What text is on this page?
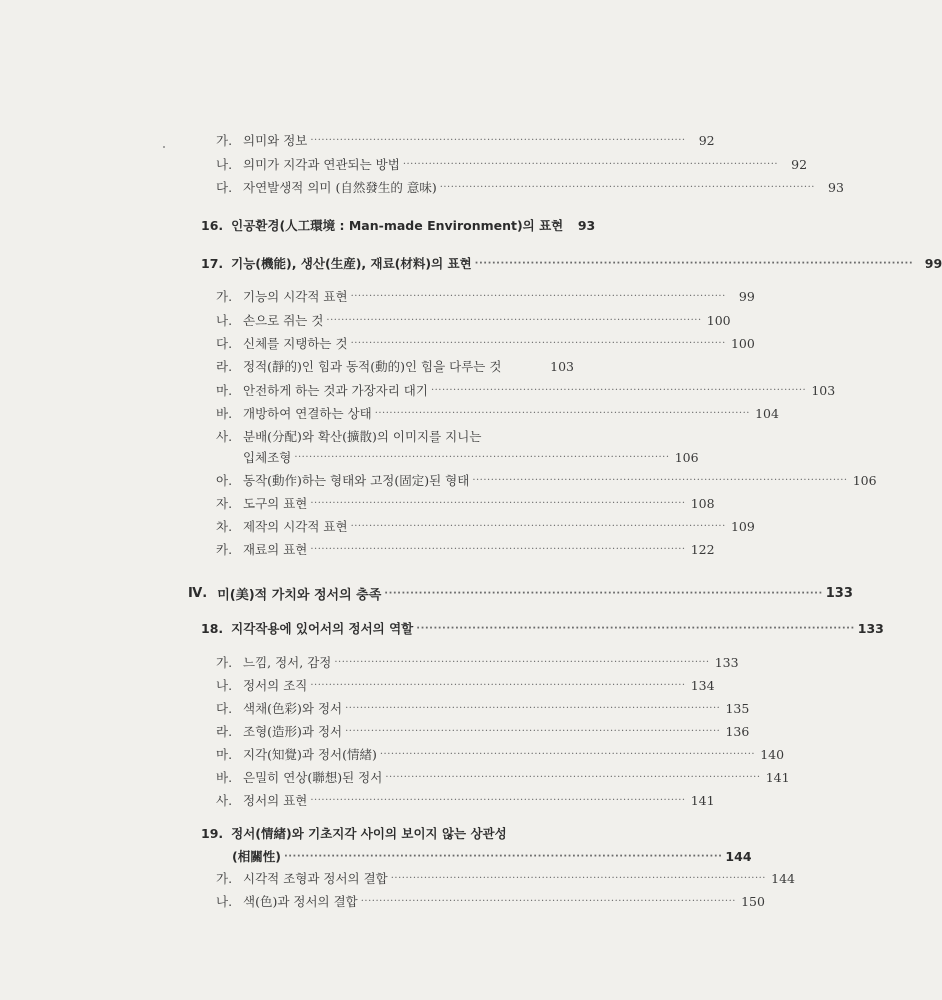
가. 의미와 정보 ······································································································	92
나. 의미가 지각과 연관되는 방법 ······································································································	92
다. 자연발생적 의미 (自然發生的 意味) ······································································································	93
16. 인공환경(人工環境 : Man-made Environment)의 표현	93
17. 기능(機能), 생산(生産), 재료(材料)의 표현 ······································································································ 99
가. 기능의 시각적 표현 ······································································································	99
나. 손으로 쥐는 것 ······································································································ 100
다. 신체를 지탱하는 것 ······································································································ 100
라. 정적(靜的)인 힘과 동적(動的)인 힘을 다루는 것	103
마. 안전하게 하는 것과 가장자리 대기 ······································································································ 103
바. 개방하여 연결하는 상태 ······································································································ 104
사. 분배(分配)와 확산(擴散)의 이미지를 지니는
입체조형 ······································································································ 106
아. 동작(動作)하는 형태와 고정(固定)된 형태 ······································································································ 106
자. 도구의 표현 ······································································································ 108
차. 제작의 시각적 표현 ······································································································ 109
카. 재료의 표현 ······································································································ 122
Ⅳ. 미(美)적 가치와 정서의 충족 ······································································································ 133
18. 지각작용에 있어서의 정서의 역할 ······································································································ 133
가. 느낌, 정서, 감정 ······································································································ 133
나. 정서의 조직 ······································································································ 134
다. 색채(色彩)와 정서 ······································································································ 135
라. 조형(造形)과 정서 ······································································································ 136
마. 지각(知覺)과 정서(情緖) ······································································································ 140
바. 은밀히 연상(聯想)된 정서 ······································································································ 141
사. 정서의 표현 ······································································································ 141
19. 정서(情緖)와 기초지각 사이의 보이지 않는 상관성
(相關性) ······································································································ 144
가. 시각적 조형과 정서의 결합 ······································································································ 144
나. 색(色)과 정서의 결합 ······································································································ 150
